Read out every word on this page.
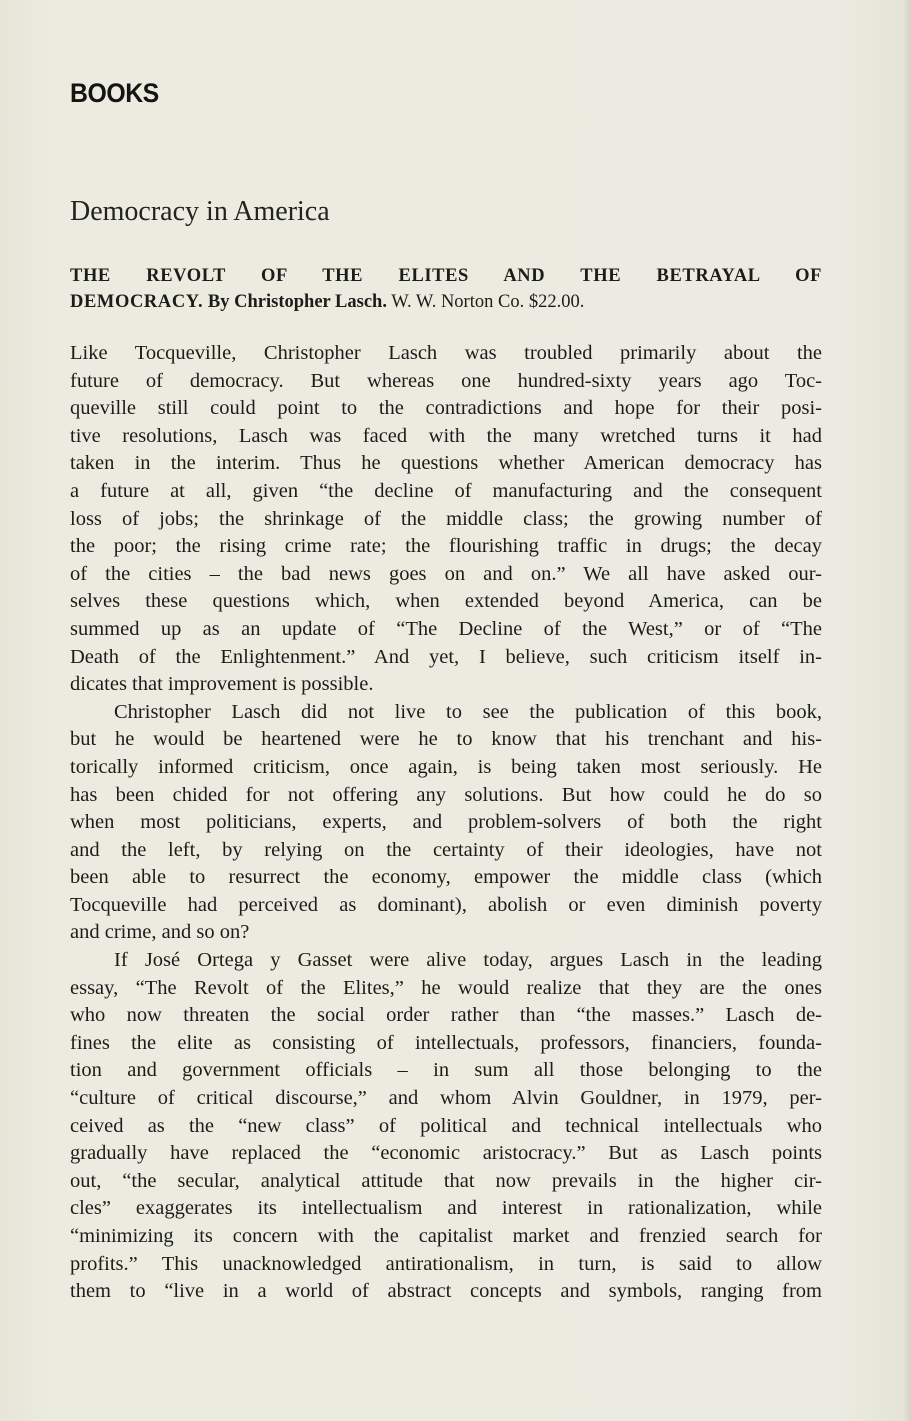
BOOKS
Democracy in America
THE REVOLT OF THE ELITES AND THE BETRAYAL OF
DEMOCRACY. By Christopher Lasch. W. W. Norton Co. $22.00.
Like Tocqueville, Christopher Lasch was troubled primarily about the
future of democracy. But whereas one hundred-sixty years ago Toc-
queville still could point to the contradictions and hope for their posi-
tive resolutions, Lasch was faced with the many wretched turns it had
taken in the interim. Thus he questions whether American democracy has
a future at all, given “the decline of manufacturing and the consequent
loss of jobs; the shrinkage of the middle class; the growing number of
the poor; the rising crime rate; the flourishing traffic in drugs; the decay
of the cities – the bad news goes on and on.” We all have asked our-
selves these questions which, when extended beyond America, can be
summed up as an update of “The Decline of the West,” or of “The
Death of the Enlightenment.” And yet, I believe, such criticism itself in-
dicates that improvement is possible.
Christopher Lasch did not live to see the publication of this book,
but he would be heartened were he to know that his trenchant and his-
torically informed criticism, once again, is being taken most seriously. He
has been chided for not offering any solutions. But how could he do so
when most politicians, experts, and problem-solvers of both the right
and the left, by relying on the certainty of their ideologies, have not
been able to resurrect the economy, empower the middle class (which
Tocqueville had perceived as dominant), abolish or even diminish poverty
and crime, and so on?
If José Ortega y Gasset were alive today, argues Lasch in the leading
essay, “The Revolt of the Elites,” he would realize that they are the ones
who now threaten the social order rather than “the masses.” Lasch de-
fines the elite as consisting of intellectuals, professors, financiers, founda-
tion and government officials – in sum all those belonging to the
“culture of critical discourse,” and whom Alvin Gouldner, in 1979, per-
ceived as the “new class” of political and technical intellectuals who
gradually have replaced the “economic aristocracy.” But as Lasch points
out, “the secular, analytical attitude that now prevails in the higher cir-
cles” exaggerates its intellectualism and interest in rationalization, while
“minimizing its concern with the capitalist market and frenzied search for
profits.” This unacknowledged antirationalism, in turn, is said to allow
them to “live in a world of abstract concepts and symbols, ranging from
